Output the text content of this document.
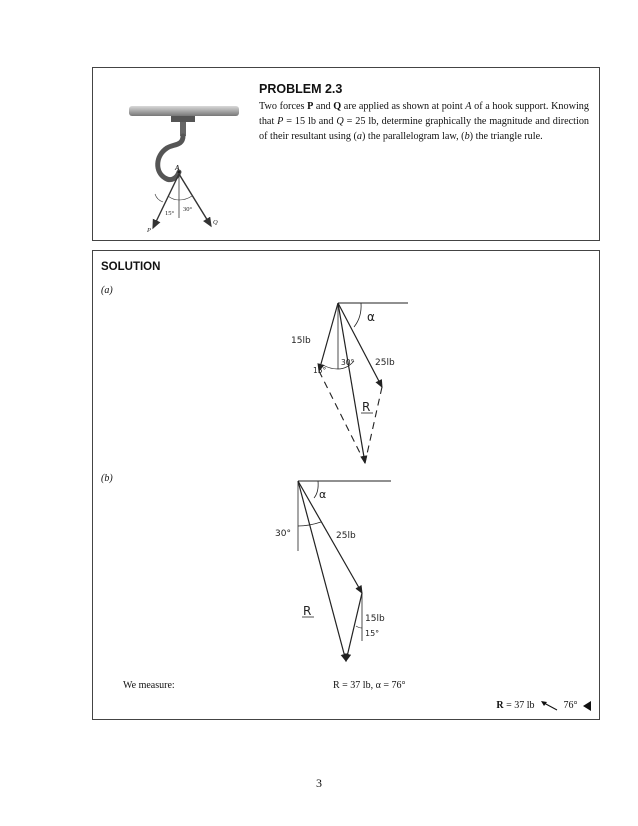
A
15°
30°
P
Q
PROBLEM 2.3
Two forces P and Q are applied as shown at point A of a hook support. Knowing that P = 15 lb and Q = 25 lb, determine graphically the magnitude and direction of their resultant using (a) the parallelogram law, (b) the triangle rule.
SOLUTION
(a)
α
15lb
25lb
15°
30°
R
(b)
α
30°	25lb
15lb
15°
R
We measure:	R = 37 lb, α = 76°
R = 37 lb	76°
3
